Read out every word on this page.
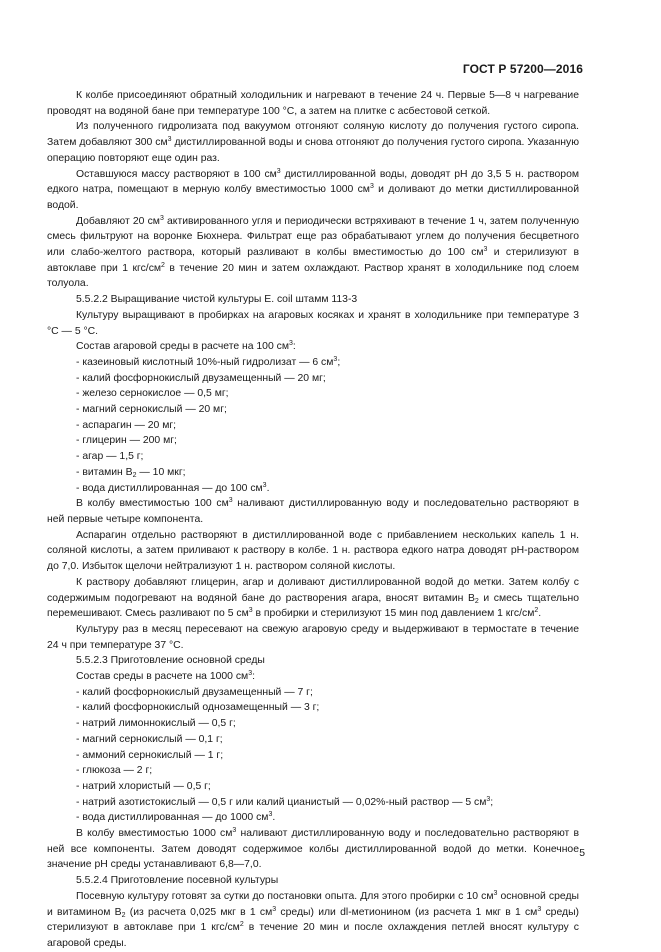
ГОСТ Р 57200—2016

К колбе присоединяют обратный холодильник и нагревают в течение 24 ч. Первые 5—8 ч нагревание проводят на водяной бане при температуре 100 °С, а затем на плитке с асбестовой сеткой.

Из полученного гидролизата под вакуумом отгоняют соляную кислоту до получения густого сиропа. Затем добавляют 300 $см^3$ дистиллированной воды и снова отгоняют до получения густого сиропа. Указанную операцию повторяют еще один раз.

Оставшуюся массу растворяют в 100 $см^3$ дистиллированной воды, доводят рН до 3,5 5 н. раствором едкого натра, помещают в мерную колбу вместимостью 1000 $см^3$ и доливают до метки дистиллированной водой.

Добавляют 20 $см^3$ активированного угля и периодически встряхивают в течение 1 ч, затем полученную смесь фильтруют на воронке Бюхнера. Фильтрат еще раз обрабатывают углем до получения бесцветного или слабо-желтого раствора, который разливают в колбы вместимостью до 100 $см^3$ и стерилизуют в автоклаве при 1 кгс/$см^2$ в течение 20 мин и затем охлаждают. Раствор хранят в холодильнике под слоем толуола.

5.5.2.2 Выращивание чистой культуры E. coil штамм 113-3

Культуру выращивают в пробирках на агаровых косяках и хранят в холодильнике при температуре 3 °С — 5 °С.

Состав агаровой среды в расчете на 100 $см^3$:

- казеиновый кислотный 10%-ный гидролизат — 6 $см^3$;

- калий фосфорнокислый двузамещенный — 20 мг;

- железо сернокислое — 0,5 мг;

- магний сернокислый — 20 мг;

- аспарагин — 20 мг;

- глицерин — 200 мг;

- агар — 1,5 г;

- витамин $В_2$ — 10 мкг;

- вода дистиллированная — до 100 $см^3$.

В колбу вместимостью 100 $см^3$ наливают дистиллированную воду и последовательно растворяют в ней первые четыре компонента.

Аспарагин отдельно растворяют в дистиллированной воде с прибавлением нескольких капель 1 н. соляной кислоты, а затем приливают к раствору в колбе. 1 н. раствора едкого натра доводят рН-раствором до 7,0. Избыток щелочи нейтрализуют 1 н. раствором соляной кислоты.

К раствору добавляют глицерин, агар и доливают дистиллированной водой до метки. Затем колбу с содержимым подогревают на водяной бане до растворения агара, вносят витамин $В_2$ и смесь тщательно перемешивают. Смесь разливают по 5 $см^3$ в пробирки и стерилизуют 15 мин под давлением 1 кгс/$см^2$.

Культуру раз в месяц пересевают на свежую агаровую среду и выдерживают в термостате в течение 24 ч при температуре 37 °С.

5.5.2.3 Приготовление основной среды

Состав среды в расчете на 1000 $см^3$:

- калий фосфорнокислый двузамещенный — 7 г;

- калий фосфорнокислый однозамещенный — 3 г;

- натрий лимоннокислый — 0,5 г;

- магний сернокислый — 0,1 г;

- аммоний сернокислый — 1 г;

- глюкоза — 2 г;

- натрий хлористый — 0,5 г;

- натрий азотистокислый — 0,5 г или калий цианистый — 0,02%-ный раствор — 5 $см^3$;

- вода дистиллированная — до 1000 $см^3$.

В колбу вместимостью 1000 $см^3$ наливают дистиллированную воду и последовательно растворяют в ней все компоненты. Затем доводят содержимое колбы дистиллированной водой до метки. Конечное значение рН среды устанавливают 6,8—7,0.

5.5.2.4 Приготовление посевной культуры

Посевную культуру готовят за сутки до постановки опыта. Для этого пробирки с 10 $см^3$ основной среды и витамином $В_2$ (из расчета 0,025 мкг в 1 $см^3$ среды) или dl-метионином (из расчета 1 мкг в 1 $см^3$ среды) стерилизуют в автоклаве при 1 кгс/$см^2$ в течение 20 мин и после охлаждения петлей вносят культуру с агаровой среды.

5
